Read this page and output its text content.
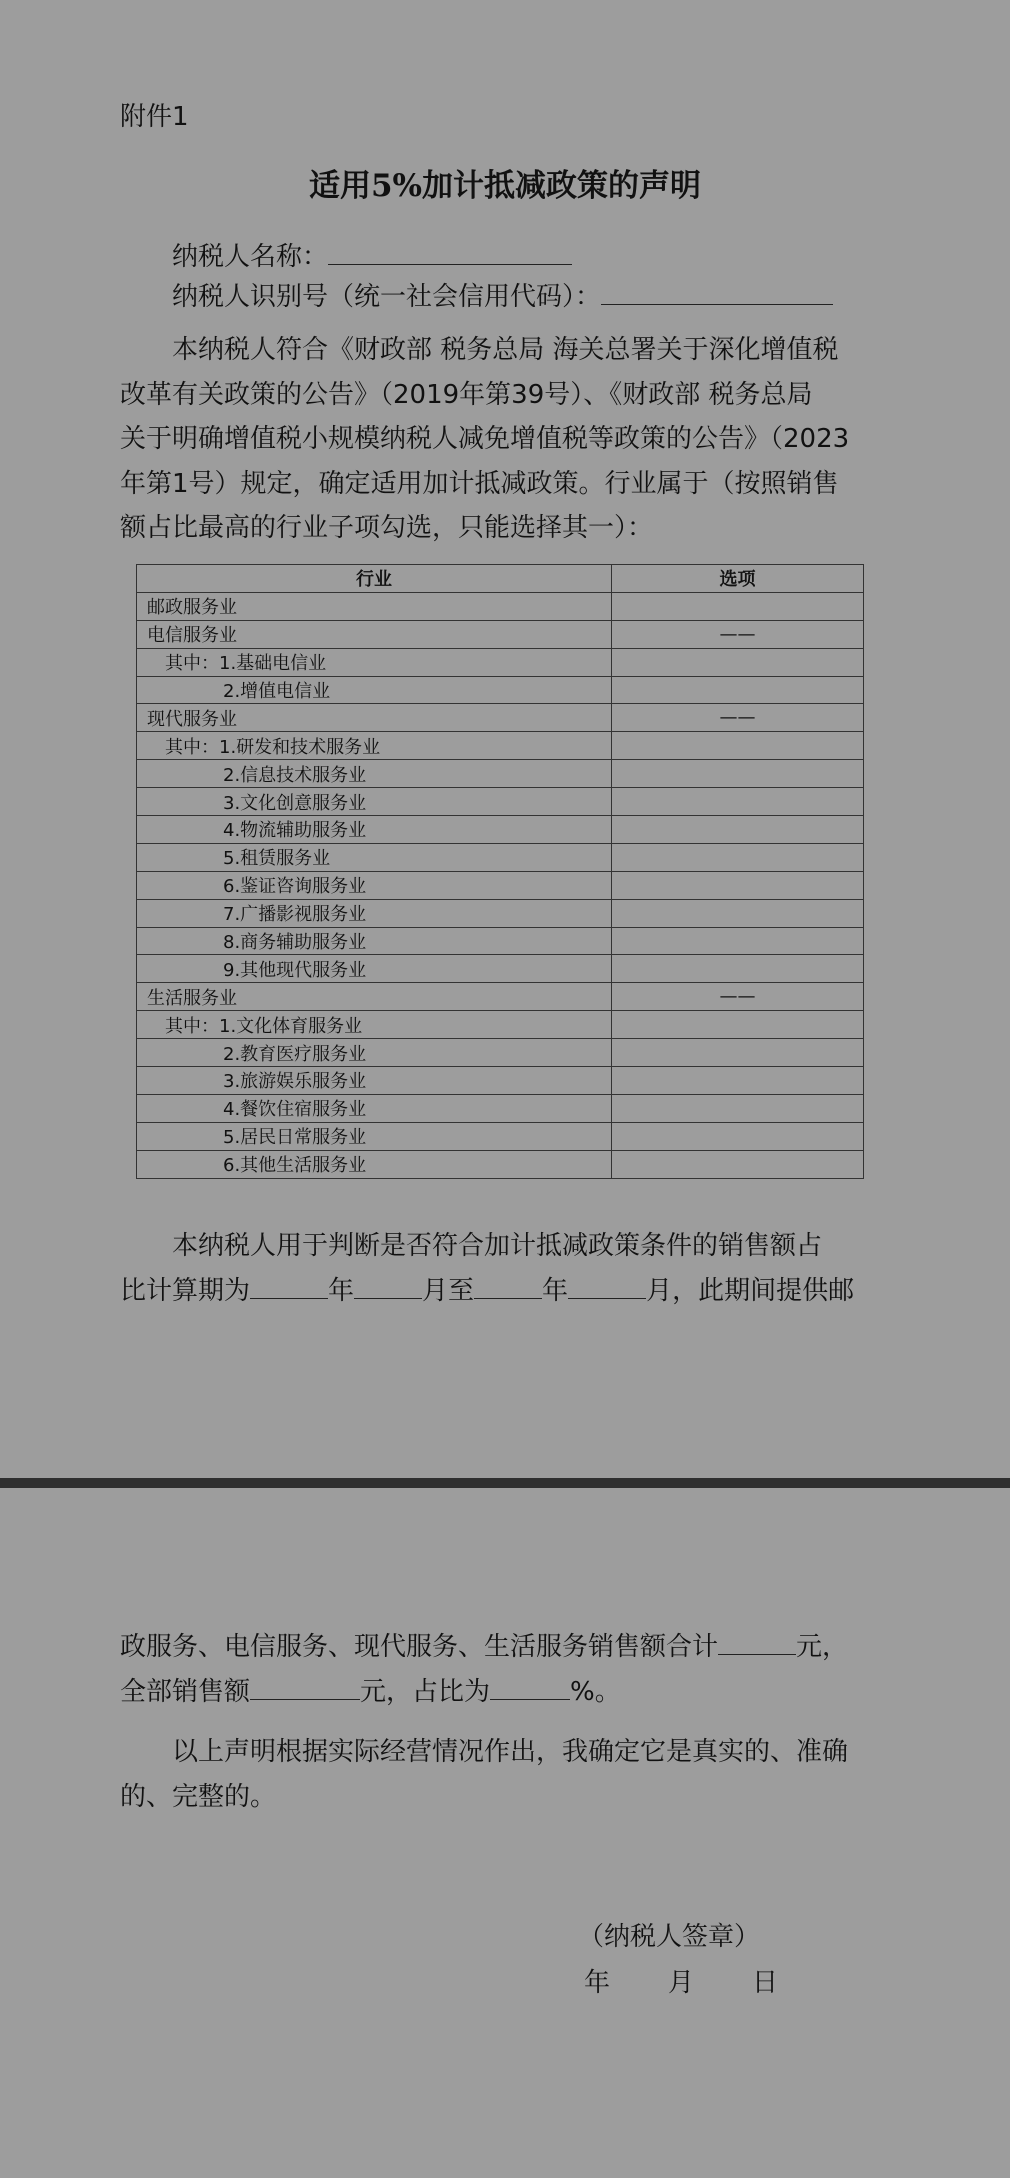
附件1
适用5%加计抵减政策的声明
纳税人名称：
纳税人识别号（统一社会信用代码）：
本纳税人符合《财政部 税务总局 海关总署关于深化增值税
改革有关政策的公告》（2019年第39号）、《财政部 税务总局
关于明确增值税小规模纳税人减免增值税等政策的公告》（2023
年第1号）规定，确定适用加计抵减政策。行业属于（按照销售
额占比最高的行业子项勾选，只能选择其一）：
行业	选项
邮政服务业	
电信服务业	——
其中：1.基础电信业	
2.增值电信业	
现代服务业	——
其中：1.研发和技术服务业	
2.信息技术服务业	
3.文化创意服务业	
4.物流辅助服务业	
5.租赁服务业	
6.鉴证咨询服务业	
7.广播影视服务业	
8.商务辅助服务业	
9.其他现代服务业	
生活服务业	——
其中：1.文化体育服务业	
2.教育医疗服务业	
3.旅游娱乐服务业	
4.餐饮住宿服务业	
5.居民日常服务业	
6.其他生活服务业	
本纳税人用于判断是否符合加计抵减政策条件的销售额占
比计算期为	年	月至	年	月，此期间提供邮
政服务、电信服务、现代服务、生活服务销售额合计	元，
全部销售额	元，占比为	%。
以上声明根据实际经营情况作出，我确定它是真实的、准确
的、完整的。
（纳税人签章）
年 月 日
